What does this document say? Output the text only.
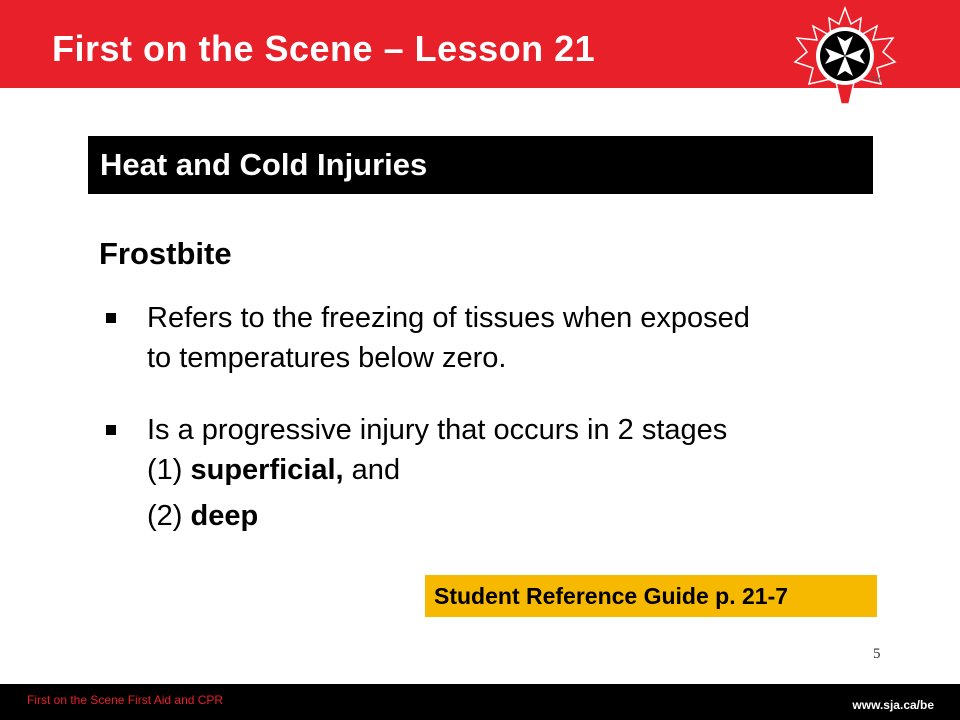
First on the Scene – Lesson 21
TM
Heat and Cold Injuries
Frostbite
Refers to the freezing of tissues when exposed
to temperatures below zero.
Is a progressive injury that occurs in 2 stages
(1) superficial, and
(2) deep
Student Reference Guide p. 21-7
5
First on the Scene First Aid and CPR	www.sja.ca/be
